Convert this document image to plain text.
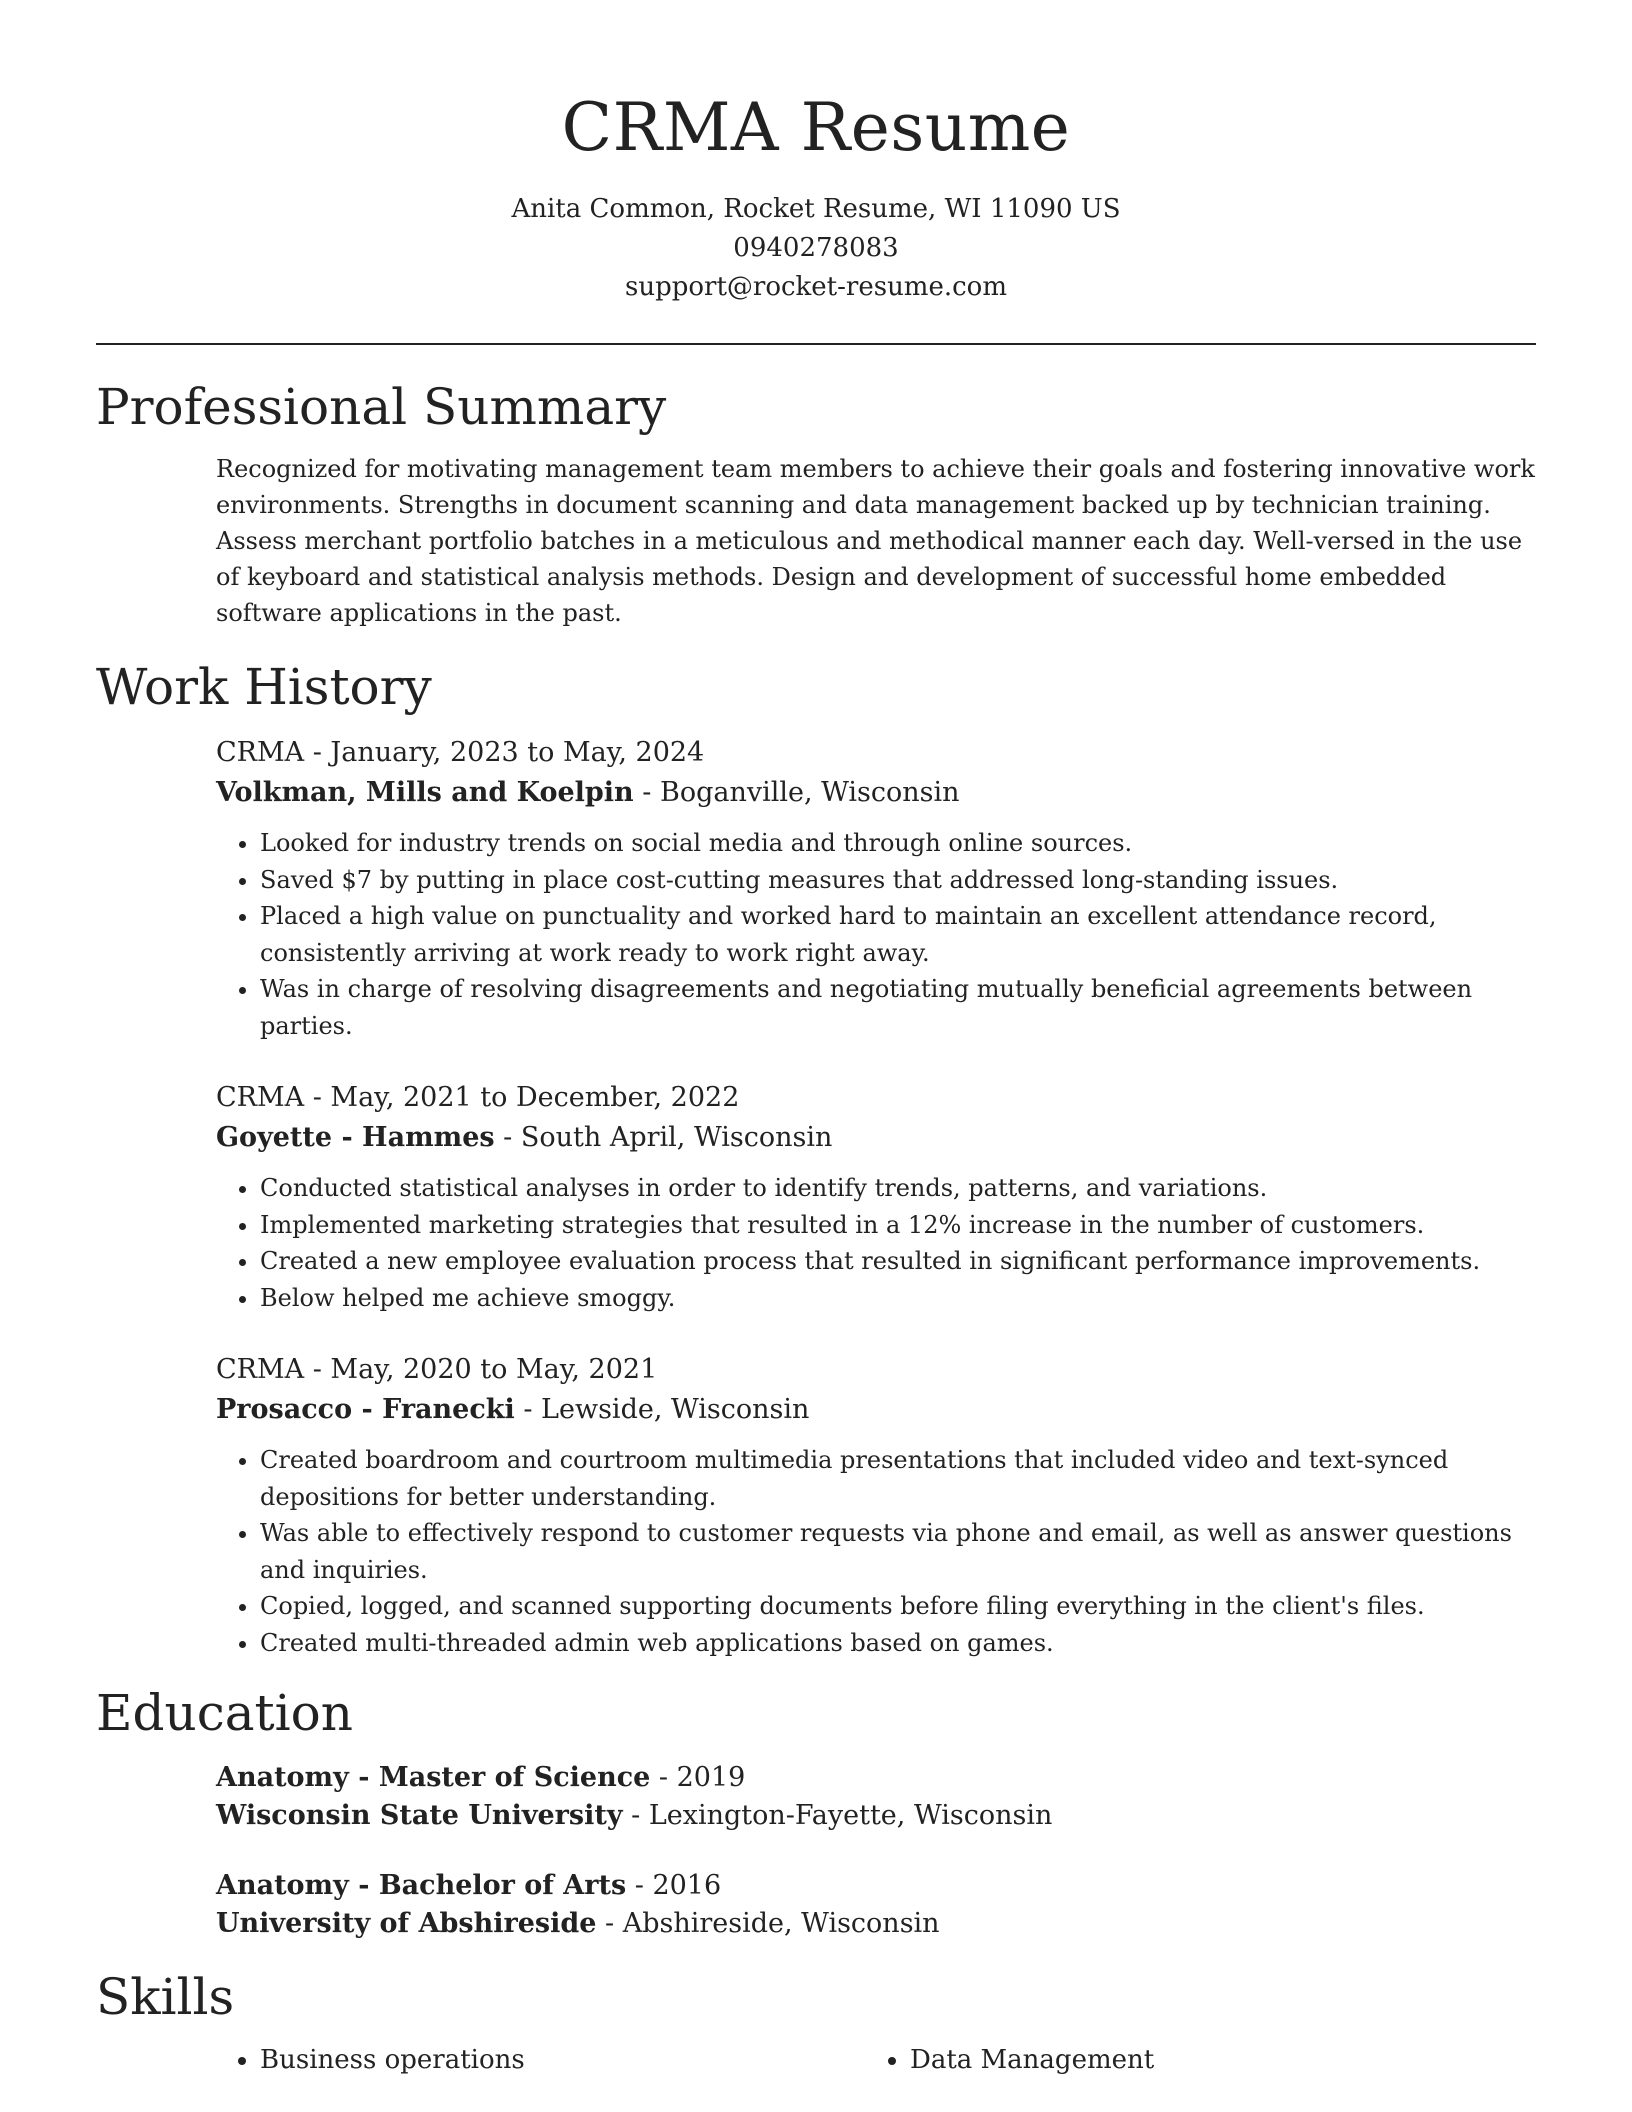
CRMA Resume
Anita Common, Rocket Resume, WI 11090 US
0940278083
support@rocket-resume.com
Professional Summary
Recognized for motivating management team members to achieve their goals and fostering innovative work environments. Strengths in document scanning and data management backed up by technician training. Assess merchant portfolio batches in a meticulous and methodical manner each day. Well-versed in the use of keyboard and statistical analysis methods. Design and development of successful home embedded software applications in the past.
Work History
CRMA - January, 2023 to May, 2024
Volkman, Mills and Koelpin - Boganville, Wisconsin
• Looked for industry trends on social media and through online sources.
• Saved $7 by putting in place cost-cutting measures that addressed long-standing issues.
• Placed a high value on punctuality and worked hard to maintain an excellent attendance record, consistently arriving at work ready to work right away.
• Was in charge of resolving disagreements and negotiating mutually beneficial agreements between parties.
CRMA - May, 2021 to December, 2022
Goyette - Hammes - South April, Wisconsin
• Conducted statistical analyses in order to identify trends, patterns, and variations.
• Implemented marketing strategies that resulted in a 12% increase in the number of customers.
• Created a new employee evaluation process that resulted in significant performance improvements.
• Below helped me achieve smoggy.
CRMA - May, 2020 to May, 2021
Prosacco - Franecki - Lewside, Wisconsin
• Created boardroom and courtroom multimedia presentations that included video and text-synced depositions for better understanding.
• Was able to effectively respond to customer requests via phone and email, as well as answer questions and inquiries.
• Copied, logged, and scanned supporting documents before filing everything in the client's files.
• Created multi-threaded admin web applications based on games.
Education
Anatomy - Master of Science - 2019
Wisconsin State University - Lexington-Fayette, Wisconsin
Anatomy - Bachelor of Arts - 2016
University of Abshireside - Abshireside, Wisconsin
Skills
• Business operations
•	Data Management
